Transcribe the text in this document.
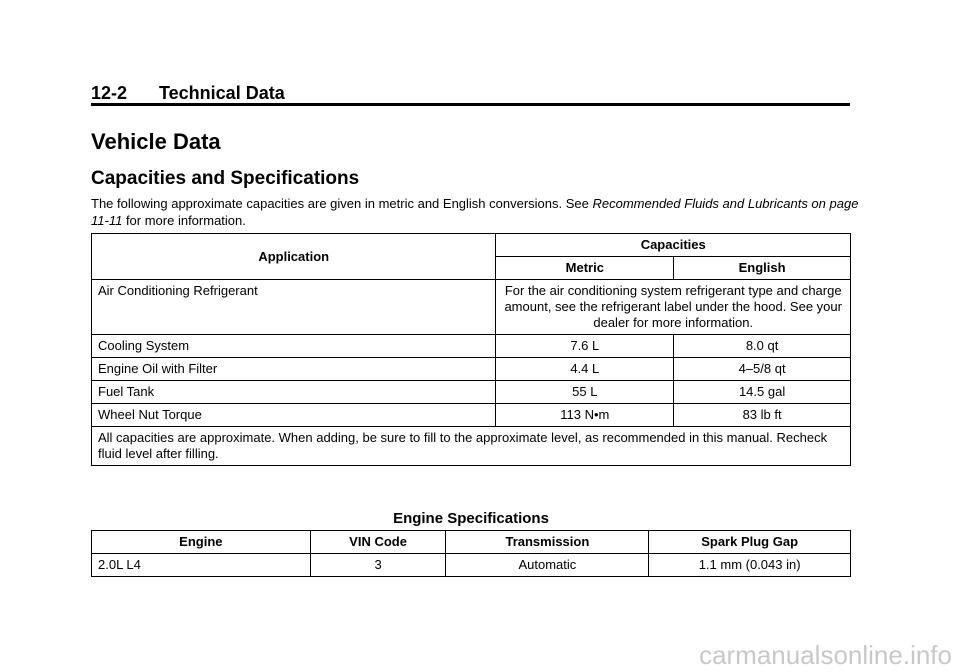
12-2 Technical Data
Vehicle Data
Capacities and Specifications
The following approximate capacities are given in metric and English conversions. See Recommended Fluids and Lubricants on page 11-11 for more information.
Application	Capacities	
	Metric	English
Air Conditioning Refrigerant	For the air conditioning system refrigerant type and charge amount, see the refrigerant label under the hood. See your dealer for more information.	
Cooling System	7.6 L	8.0 qt
Engine Oil with Filter	4.4 L	4–5/8 qt
Fuel Tank	55 L	14.5 gal
Wheel Nut Torque	113 N•m	83 lb ft
All capacities are approximate. When adding, be sure to fill to the approximate level, as recommended in this manual. Recheck fluid level after filling.		
Engine Specifications
Engine	VIN Code	Transmission	Spark Plug Gap
2.0L L4	3	Automatic	1.1 mm (0.043 in)
carmanualsonline.info
